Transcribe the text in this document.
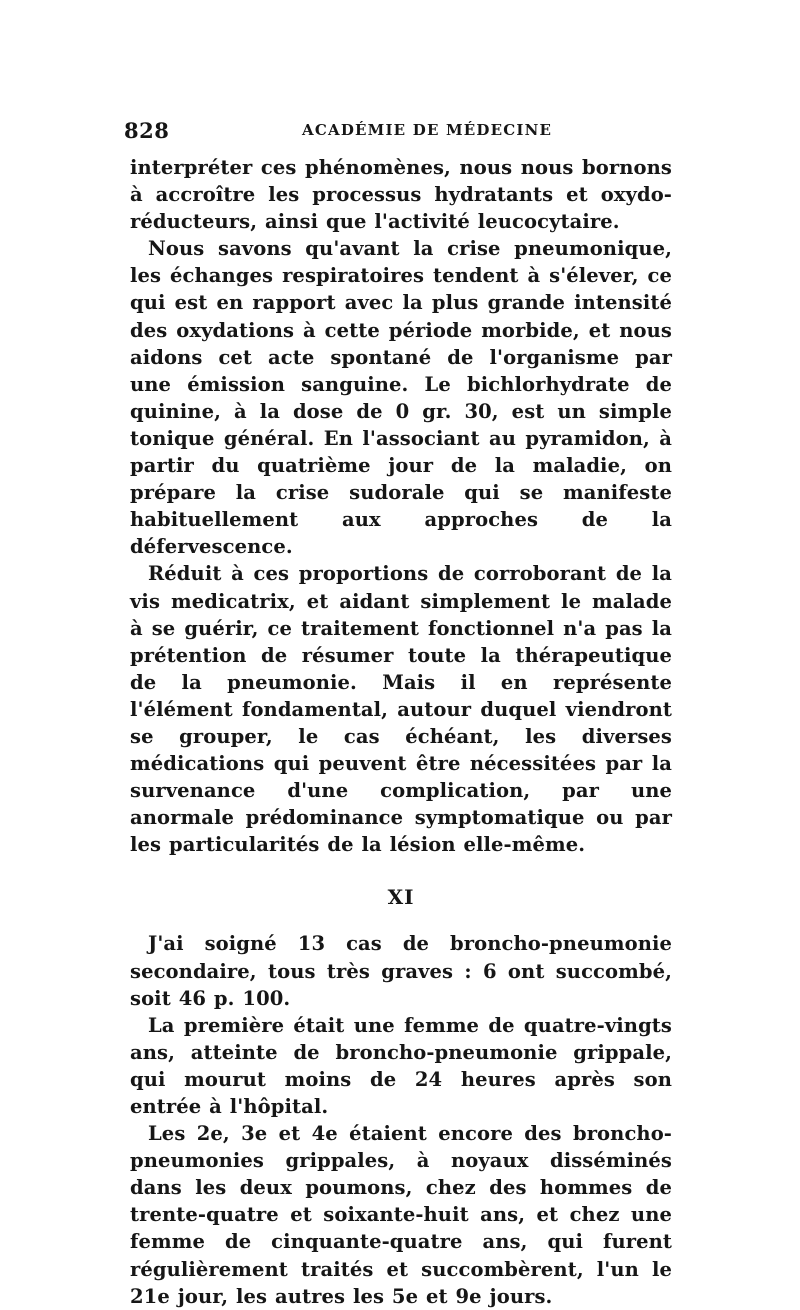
828	ACADÉMIE DE MÉDECINE

interpréter ces phénomènes, nous nous bornons à accroître les processus hydratants et oxydo-réducteurs, ainsi que l'activité leucocytaire.

Nous savons qu'avant la crise pneumonique, les échanges respiratoires tendent à s'élever, ce qui est en rapport avec la plus grande intensité des oxydations à cette période morbide, et nous aidons cet acte spontané de l'organisme par une émission sanguine. Le bichlorhydrate de quinine, à la dose de 0 gr. 30, est un simple tonique général. En l'associant au pyramidon, à partir du quatrième jour de la maladie, on prépare la crise sudorale qui se manifeste habituellement aux approches de la défervescence.

Réduit à ces proportions de corroborant de la vis medicatrix, et aidant simplement le malade à se guérir, ce traitement fonctionnel n'a pas la prétention de résumer toute la thérapeutique de la pneumonie. Mais il en représente l'élément fondamental, autour duquel viendront se grouper, le cas échéant, les diverses médications qui peuvent être nécessitées par la survenance d'une complication, par une anormale prédominance symptomatique ou par les particularités de la lésion elle-même.

XI

J'ai soigné 13 cas de broncho-pneumonie secondaire, tous très graves : 6 ont succombé, soit 46 p. 100.

La première était une femme de quatre-vingts ans, atteinte de broncho-pneumonie grippale, qui mourut moins de 24 heures après son entrée à l'hôpital.

Les 2e, 3e et 4e étaient encore des broncho-pneumonies grippales, à noyaux disséminés dans les deux poumons, chez des hommes de trente-quatre et soixante-huit ans, et chez une femme de cinquante-quatre ans, qui furent régulièrement traités et succombèrent, l'un le 21e jour, les autres les 5e et 9e jours.
